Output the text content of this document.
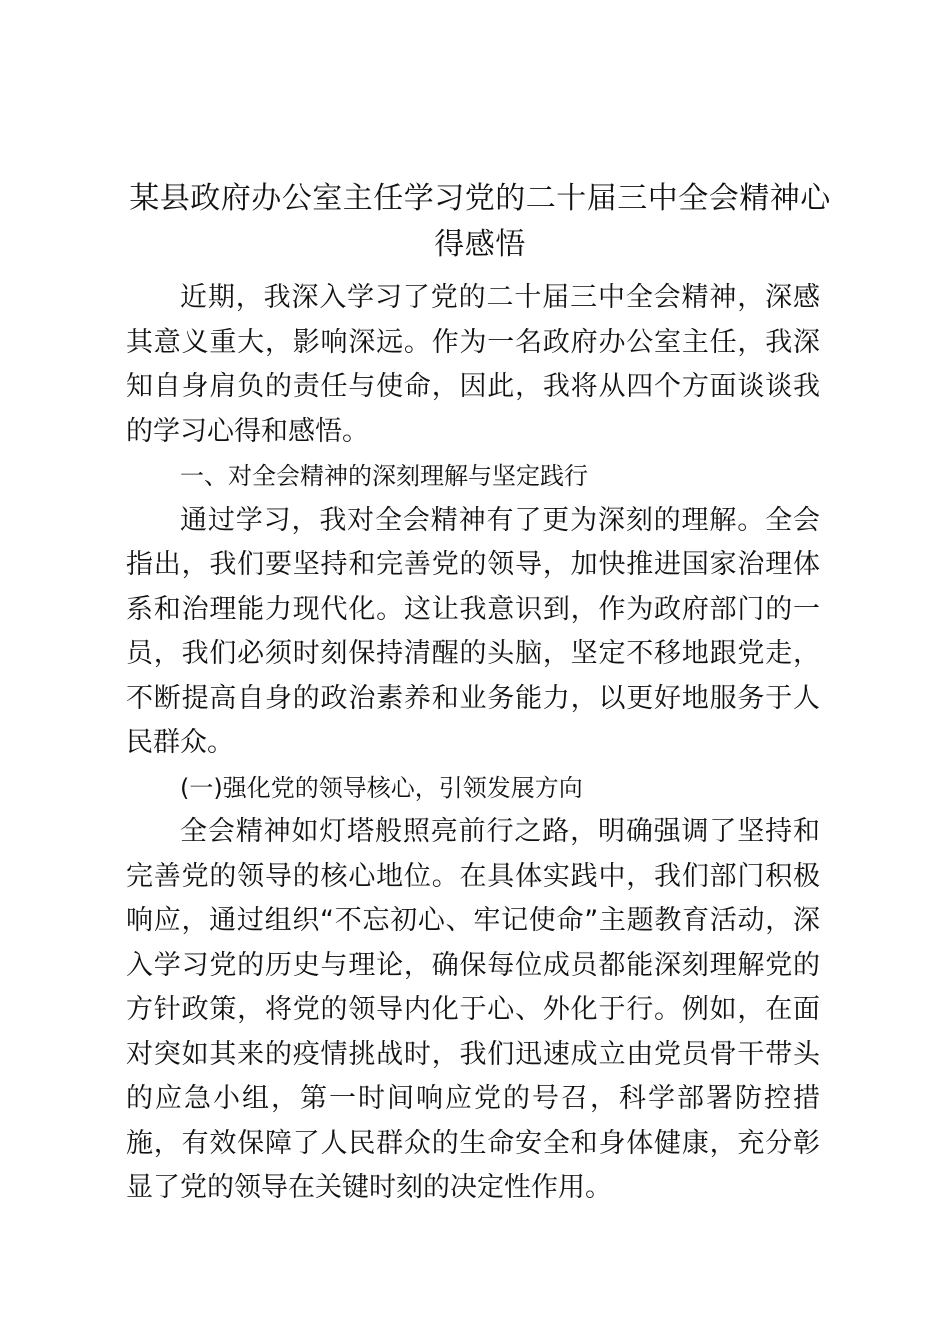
某县政府办公室主任学习党的二十届三中全会精神心得感悟

近期，我深入学习了党的二十届三中全会精神，深感其意义重大，影响深远。作为一名政府办公室主任，我深知自身肩负的责任与使命，因此，我将从四个方面谈谈我的学习心得和感悟。

一、对全会精神的深刻理解与坚定践行

通过学习，我对全会精神有了更为深刻的理解。全会指出，我们要坚持和完善党的领导，加快推进国家治理体系和治理能力现代化。这让我意识到，作为政府部门的一员，我们必须时刻保持清醒的头脑，坚定不移地跟党走，不断提高自身的政治素养和业务能力，以更好地服务于人民群众。

(一)强化党的领导核心，引领发展方向

全会精神如灯塔般照亮前行之路，明确强调了坚持和完善党的领导的核心地位。在具体实践中，我们部门积极响应，通过组织“不忘初心、牢记使命”主题教育活动，深入学习党的历史与理论，确保每位成员都能深刻理解党的方针政策，将党的领导内化于心、外化于行。例如，在面对突如其来的疫情挑战时，我们迅速成立由党员骨干带头的应急小组，第一时间响应党的号召，科学部署防控措施，有效保障了人民群众的生命安全和身体健康，充分彰显了党的领导在关键时刻的决定性作用。
